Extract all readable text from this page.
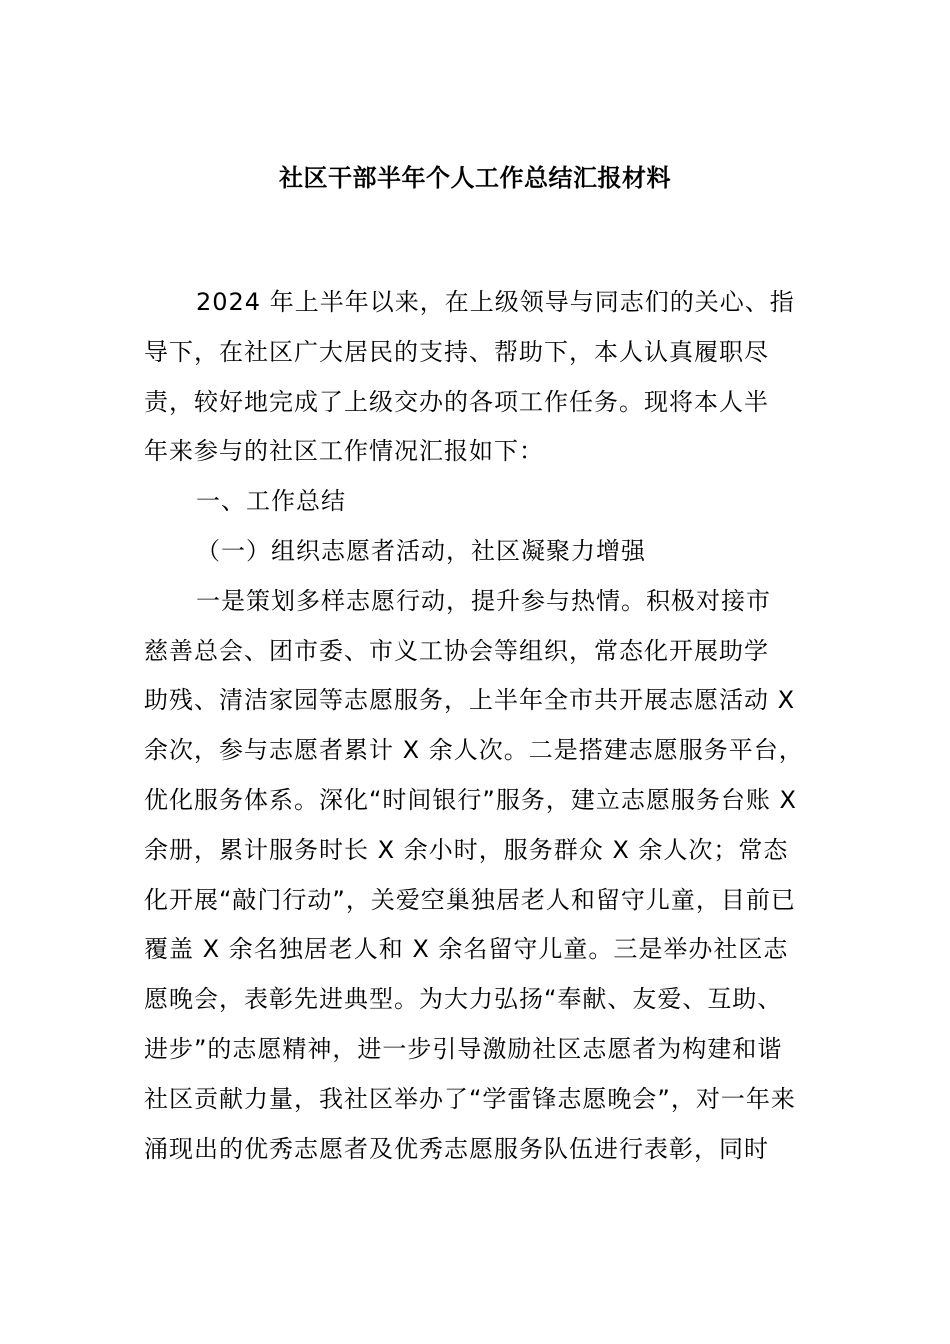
社区干部半年个人工作总结汇报材料
2024 年上半年以来，在上级领导与同志们的关心、指
导下，在社区广大居民的支持、帮助下，本人认真履职尽
责，较好地完成了上级交办的各项工作任务。现将本人半
年来参与的社区工作情况汇报如下：
一、工作总结
（一）组织志愿者活动，社区凝聚力增强
一是策划多样志愿行动，提升参与热情。积极对接市
慈善总会、团市委、市义工协会等组织，常态化开展助学
助残、清洁家园等志愿服务，上半年全市共开展志愿活动 X
余次，参与志愿者累计 X 余人次。二是搭建志愿服务平台，
优化服务体系。深化“时间银行”服务，建立志愿服务台账 X
余册，累计服务时长 X 余小时，服务群众 X 余人次；常态
化开展“敲门行动”，关爱空巢独居老人和留守儿童，目前已
覆盖 X 余名独居老人和 X 余名留守儿童。三是举办社区志
愿晚会，表彰先进典型。为大力弘扬“奉献、友爱、互助、
进步”的志愿精神，进一步引导激励社区志愿者为构建和谐
社区贡献力量，我社区举办了“学雷锋志愿晚会”，对一年来
涌现出的优秀志愿者及优秀志愿服务队伍进行表彰，同时
